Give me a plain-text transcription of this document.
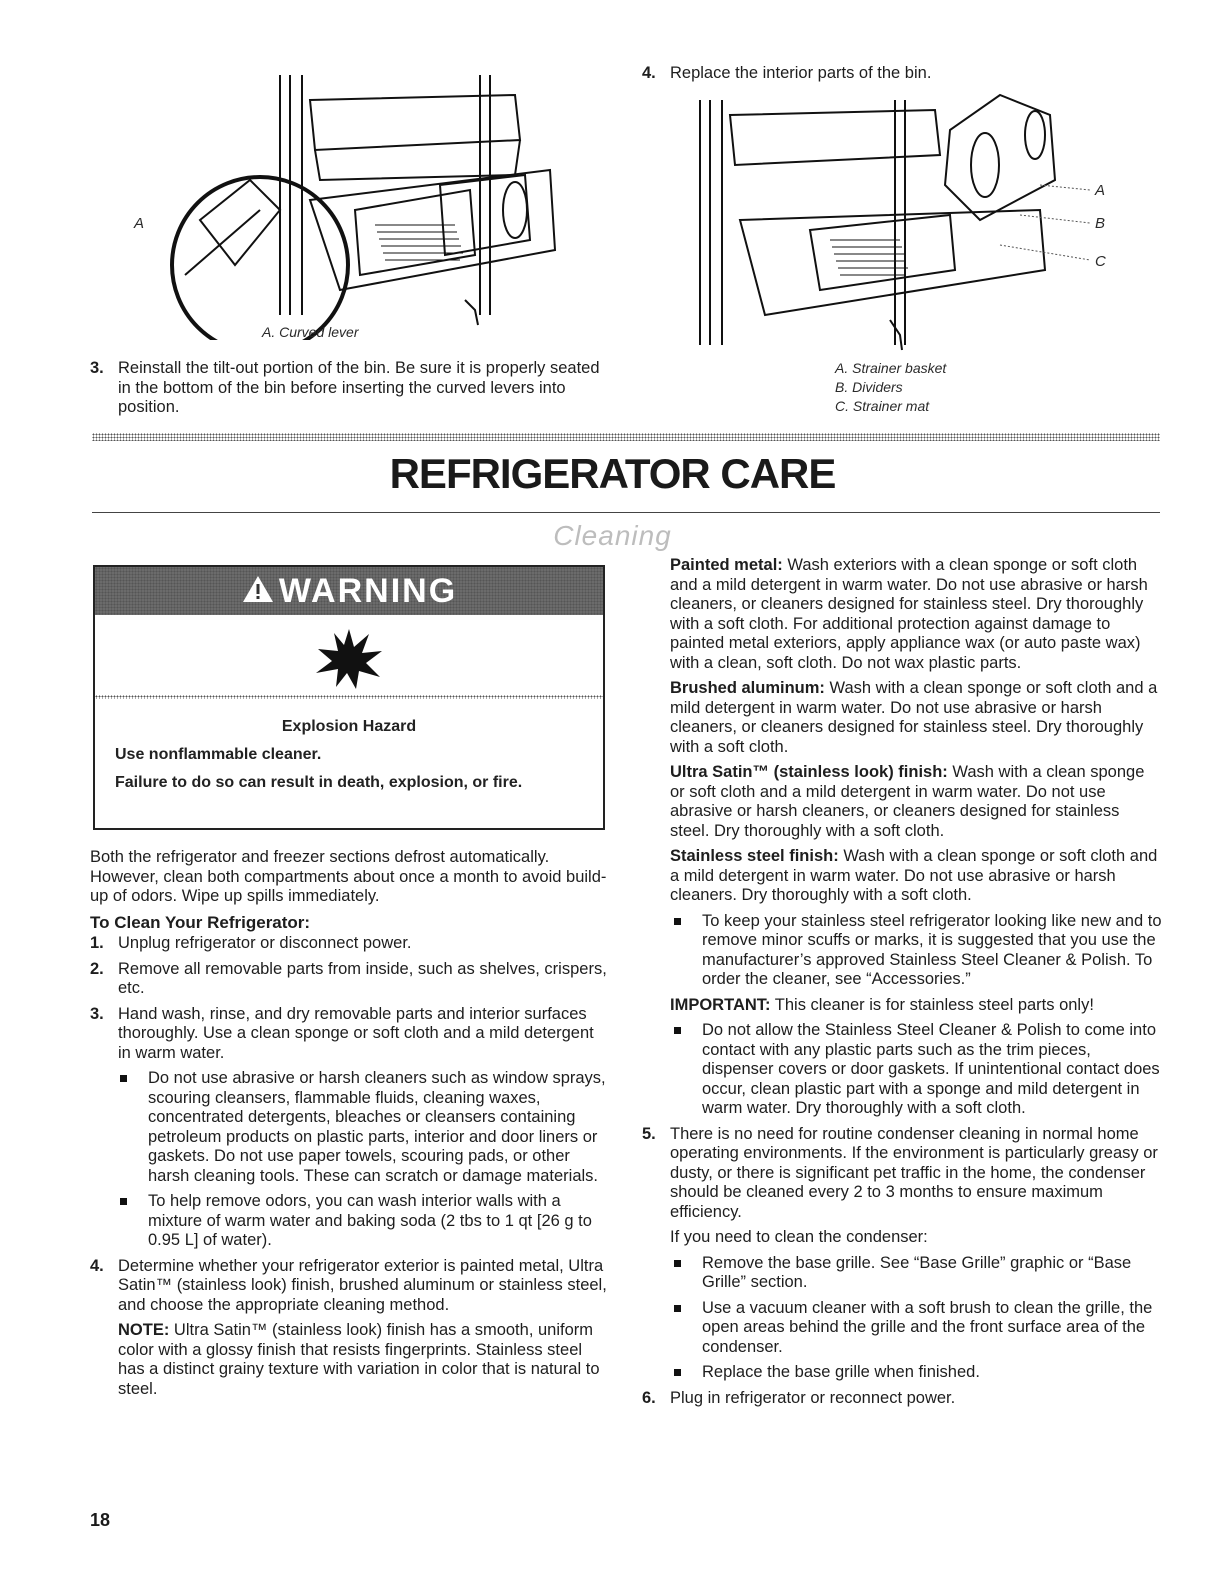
A
A. Curved lever
3. Reinstall the tilt-out portion of the bin. Be sure it is properly seated in the bottom of the bin before inserting the curved levers into position.
4. Replace the interior parts of the bin.
A
B
C
A. Strainer basket
B. Dividers
C. Strainer mat
REFRIGERATOR CARE
Cleaning
WARNING
Explosion Hazard
Use nonflammable cleaner.
Failure to do so can result in death, explosion, or fire.

Both the refrigerator and freezer sections defrost automatically. However, clean both compartments about once a month to avoid build-up of odors. Wipe up spills immediately.

To Clean Your Refrigerator:
1. Unplug refrigerator or disconnect power.
2. Remove all removable parts from inside, such as shelves, crispers, etc.
3. Hand wash, rinse, and dry removable parts and interior surfaces thoroughly. Use a clean sponge or soft cloth and a mild detergent in warm water.
Do not use abrasive or harsh cleaners such as window sprays, scouring cleansers, flammable fluids, cleaning waxes, concentrated detergents, bleaches or cleansers containing petroleum products on plastic parts, interior and door liners or gaskets. Do not use paper towels, scouring pads, or other harsh cleaning tools. These can scratch or damage materials.
To help remove odors, you can wash interior walls with a mixture of warm water and baking soda (2 tbs to 1 qt [26 g to 0.95 L] of water).
4. Determine whether your refrigerator exterior is painted metal, Ultra Satin™ (stainless look) finish, brushed aluminum or stainless steel, and choose the appropriate cleaning method.
NOTE: Ultra Satin™ (stainless look) finish has a smooth, uniform color with a glossy finish that resists fingerprints. Stainless steel has a distinct grainy texture with variation in color that is natural to steel.

Painted metal: Wash exteriors with a clean sponge or soft cloth and a mild detergent in warm water. Do not use abrasive or harsh cleaners, or cleaners designed for stainless steel. Dry thoroughly with a soft cloth. For additional protection against damage to painted metal exteriors, apply appliance wax (or auto paste wax) with a clean, soft cloth. Do not wax plastic parts.

Brushed aluminum: Wash with a clean sponge or soft cloth and a mild detergent in warm water. Do not use abrasive or harsh cleaners, or cleaners designed for stainless steel. Dry thoroughly with a soft cloth.

Ultra Satin™ (stainless look) finish: Wash with a clean sponge or soft cloth and a mild detergent in warm water. Do not use abrasive or harsh cleaners, or cleaners designed for stainless steel. Dry thoroughly with a soft cloth.

Stainless steel finish: Wash with a clean sponge or soft cloth and a mild detergent in warm water. Do not use abrasive or harsh cleaners. Dry thoroughly with a soft cloth.

To keep your stainless steel refrigerator looking like new and to remove minor scuffs or marks, it is suggested that you use the manufacturer’s approved Stainless Steel Cleaner & Polish. To order the cleaner, see “Accessories.”

IMPORTANT: This cleaner is for stainless steel parts only!

Do not allow the Stainless Steel Cleaner & Polish to come into contact with any plastic parts such as the trim pieces, dispenser covers or door gaskets. If unintentional contact does occur, clean plastic part with a sponge and mild detergent in warm water. Dry thoroughly with a soft cloth.
5. There is no need for routine condenser cleaning in normal home operating environments. If the environment is particularly greasy or dusty, or there is significant pet traffic in the home, the condenser should be cleaned every 2 to 3 months to ensure maximum efficiency.

If you need to clean the condenser:

Remove the base grille. See “Base Grille” graphic or “Base Grille” section.
Use a vacuum cleaner with a soft brush to clean the grille, the open areas behind the grille and the front surface area of the condenser.
Replace the base grille when finished.
6. Plug in refrigerator or reconnect power.
18
